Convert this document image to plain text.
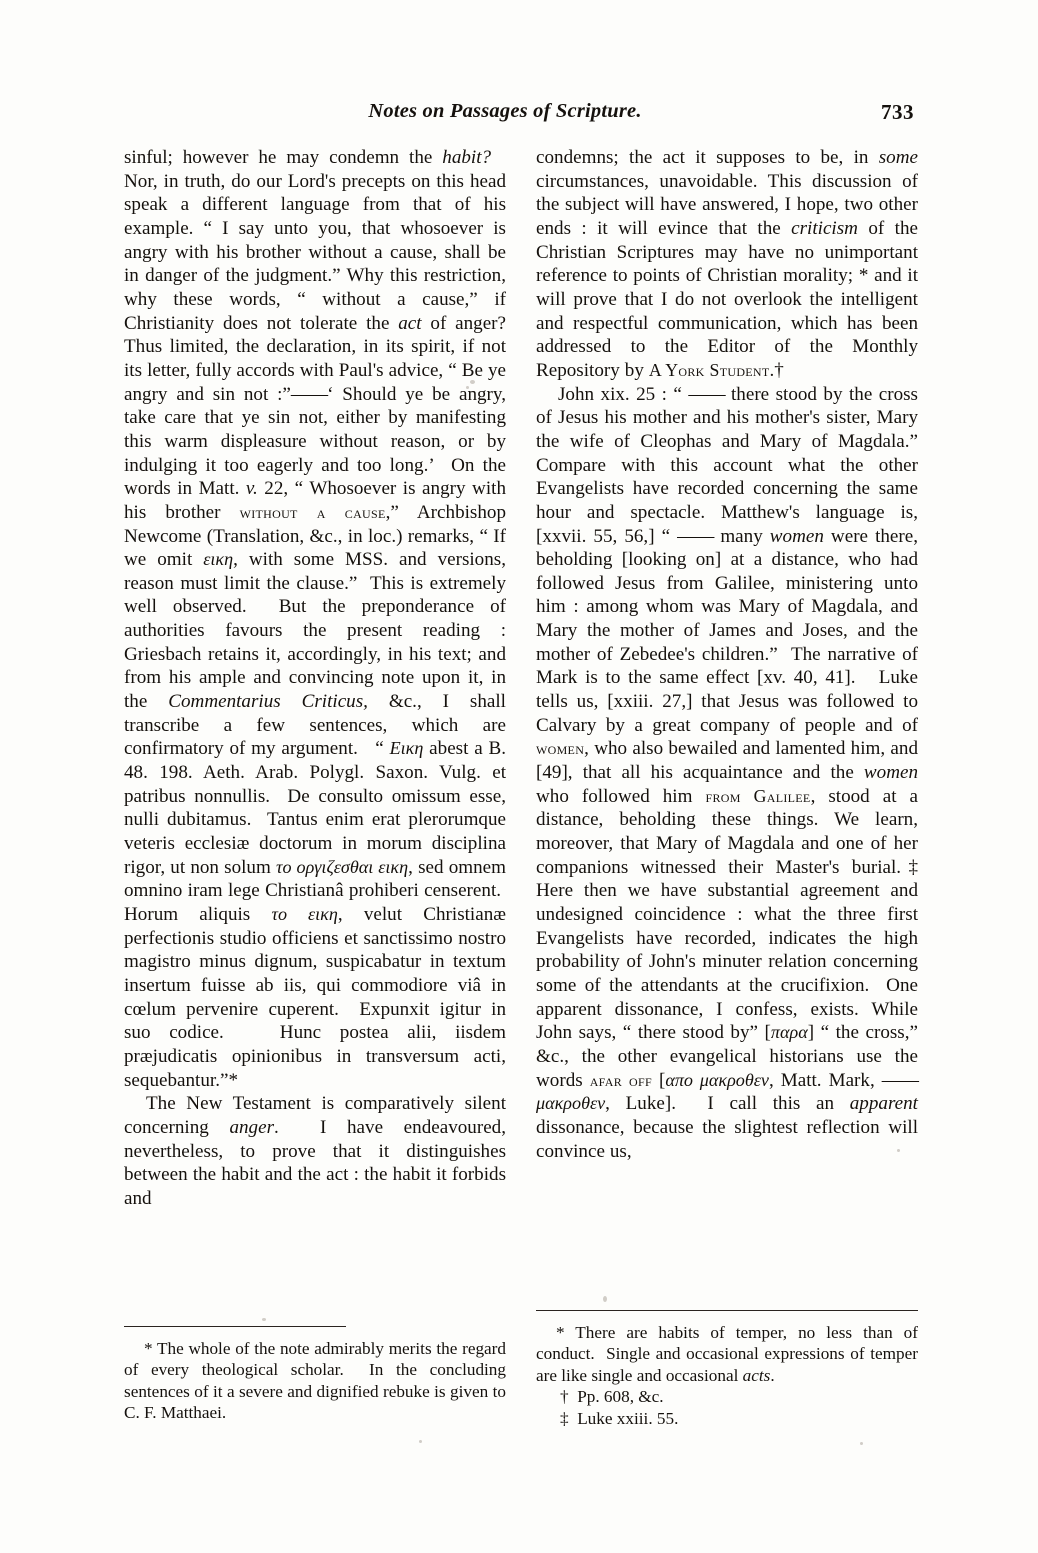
Notes on Passages of Scripture.	733

sinful; however he may condemn the habit?   Nor, in truth, do our Lord's precepts on this head speak a different language from that of his example. “ I say unto you, that whosoever is angry with his brother without a cause, shall be in danger of the judgment.” Why this restriction, why these words, “ without a cause,” if Christianity does not tolerate the act of anger? Thus limited, the declaration, in its spirit, if not its letter, fully accords with Paul's advice, “ Be ye angry and sin not :”——‘ Should ye be angry, take care that ye sin not, either by manifesting this warm displeasure without reason, or by indulging it too eagerly and too long.’  On the words in Matt. v. 22, “ Whosoever is angry with his brother without a cause,” Archbishop Newcome (Translation, &c., in loc.) remarks, “ If we omit εικη, with some MSS. and versions, reason must limit the clause.”  This is extremely well observed.  But the preponderance of authorities favours the present reading : Griesbach retains it, accordingly, in his text; and from his ample and convincing note upon it, in the Commentarius Criticus, &c., I shall transcribe a few sentences, which are confirmatory of my argument.   “ Εικη abest a B. 48. 198. Aeth. Arab. Polygl. Saxon. Vulg. et patribus nonnullis.  De consulto omissum esse, nulli dubitamus.  Tantus enim erat plerorumque veteris ecclesiæ doctorum in morum disciplina rigor, ut non solum το οργιζεσθαι εικη, sed omnem omnino iram lege Christianâ prohiberi censerent.  Horum aliquis το εικη, velut Christianæ perfectionis studio officiens et sanctissimo nostro magistro minus dignum, suspicabatur in textum insertum fuisse ab iis, qui commodiore viâ in cœlum pervenire cuperent.  Expunxit igitur in suo codice.   Hunc postea alii, iisdem præjudicatis opinionibus in transversum acti, sequebantur.”*

The New Testament is comparatively silent concerning anger.  I have endeavoured, nevertheless, to prove that it distinguishes between the habit and the act : the habit it forbids and

condemns; the act it supposes to be, in some circumstances, unavoidable. This discussion of the subject will have answered, I hope, two other ends : it will evince that the criticism of the Christian Scriptures may have no unimportant reference to points of Christian morality; * and it will prove that I do not overlook the intelligent and respectful communication, which has been addressed to the Editor of the Monthly Repository by A York Student.†

John xix. 25 : “ —— there stood by the cross of Jesus his mother and his mother's sister, Mary the wife of Cleophas and Mary of Magdala.” Compare with this account what the other Evangelists have recorded concerning the same hour and spectacle. Matthew's language is, [xxvii. 55, 56,] “ —— many women were there, beholding [looking on] at a distance, who had followed Jesus from Galilee, ministering unto him : among whom was Mary of Magdala, and Mary the mother of James and Joses, and the mother of Zebedee's children.”  The narrative of Mark is to the same effect [xv. 40, 41].   Luke tells us, [xxiii. 27,] that Jesus was followed to Calvary by a great company of people and of women, who also bewailed and lamented him, and [49], that all his acquaintance and the women who followed him from Galilee, stood at a distance, beholding these things. We learn, moreover, that Mary of Magdala and one of her companions witnessed their Master's burial.‡ Here then we have substantial agreement and undesigned coincidence : what the three first Evangelists have recorded, indicates the high probability of John's minuter relation concerning some of the attendants at the crucifixion.  One apparent dissonance, I confess, exists. While John says, “ there stood by” [παρα] “ the cross,” &c., the other evangelical historians use the words afar off [απο μακροθεν, Matt. Mark, —— μακροθεν, Luke].  I call this an apparent dissonance, because the slightest reflection will convince us,

* The whole of the note admirably merits the regard of every theological scholar.  In the concluding sentences of it a severe and dignified rebuke is given to C. F. Matthaei.

* There are habits of temper, no less than of conduct.  Single and occasional expressions of temper are like single and occasional acts.

†  Pp. 608, &c.

‡  Luke xxiii. 55.
